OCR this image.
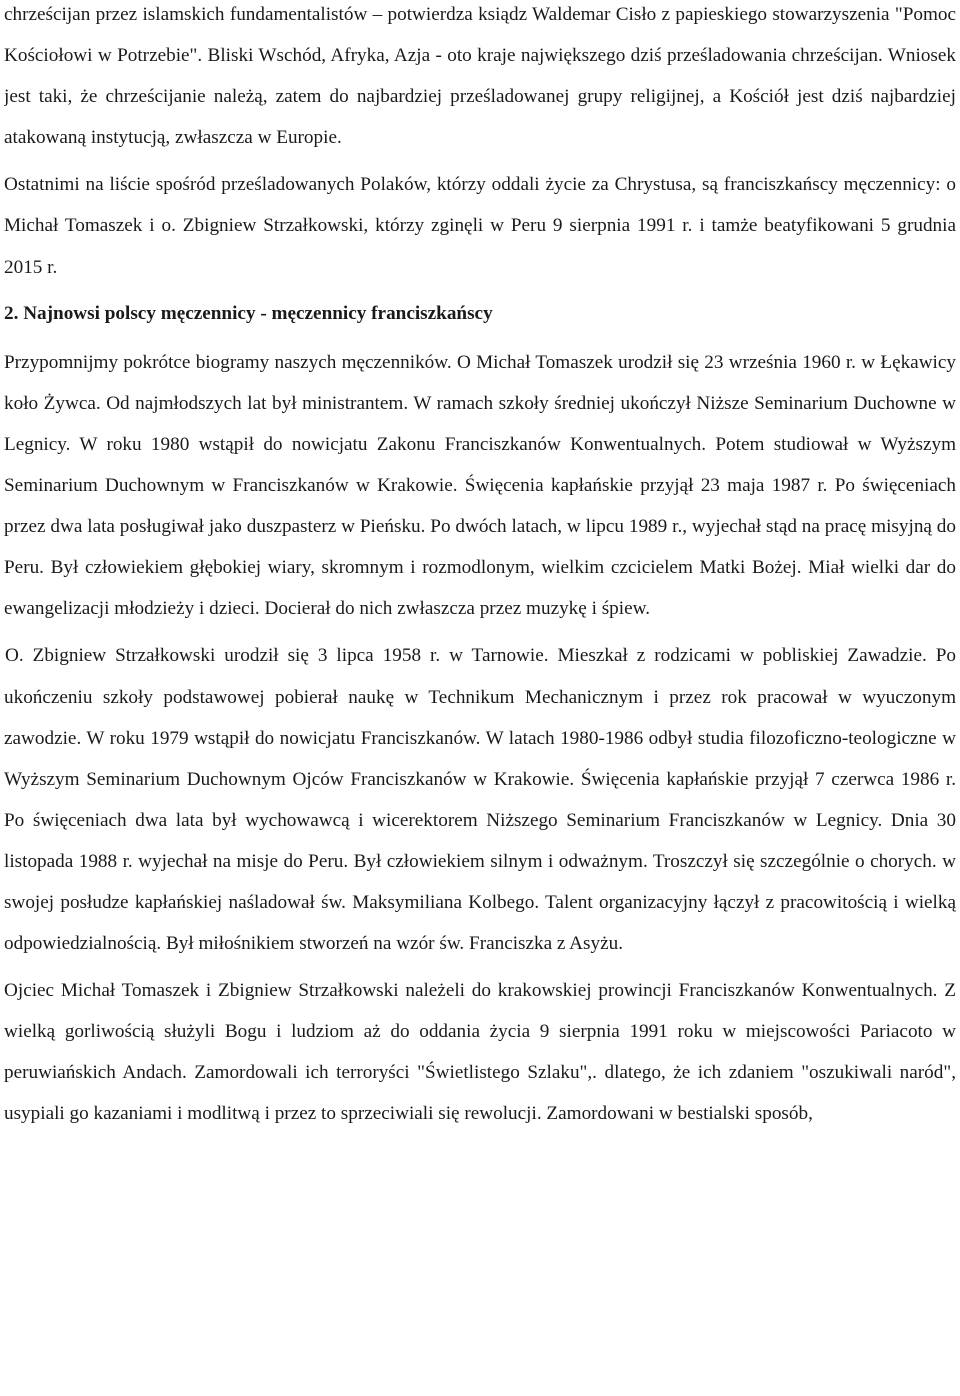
chrześcijan przez islamskich fundamentalistów – potwierdza ksiądz Waldemar Cisło z papieskiego stowarzyszenia "Pomoc Kościołowi w Potrzebie". Bliski Wschód, Afryka, Azja - oto kraje największego dziś prześladowania chrześcijan. Wniosek jest taki, że chrześcijanie należą, zatem do najbardziej prześladowanej grupy religijnej, a Kościół jest dziś najbardziej atakowaną instytucją, zwłaszcza w Europie.

Ostatnimi na liście spośród prześladowanych Polaków, którzy oddali życie za Chrystusa, są franciszkańscy męczennicy: o Michał Tomaszek i o. Zbigniew Strzałkowski, którzy zginęli w Peru 9 sierpnia 1991 r. i tamże beatyfikowani 5 grudnia 2015 r.

2. Najnowsi polscy męczennicy - męczennicy franciszkańscy

Przypomnijmy pokrótce biogramy naszych męczenników. O Michał Tomaszek urodził się 23 września 1960 r. w Łękawicy koło Żywca. Od najmłodszych lat był ministrantem. W ramach szkoły średniej ukończył Niższe Seminarium Duchowne w Legnicy. W roku 1980 wstąpił do nowicjatu Zakonu Franciszkanów Konwentualnych. Potem studiował w Wyższym Seminarium Duchownym w Franciszkanów w Krakowie. Święcenia kapłańskie przyjął 23 maja 1987 r. Po święceniach przez dwa lata posługiwał jako duszpasterz w Pieńsku. Po dwóch latach, w lipcu 1989 r., wyjechał stąd na pracę misyjną do Peru. Był człowiekiem głębokiej wiary, skromnym i rozmodlonym, wielkim czcicielem Matki Bożej. Miał wielki dar do ewangelizacji młodzieży i dzieci. Docierał do nich zwłaszcza przez muzykę i śpiew.

O. Zbigniew Strzałkowski urodził się 3 lipca 1958 r. w Tarnowie. Mieszkał z rodzicami w pobliskiej Zawadzie. Po ukończeniu szkoły podstawowej pobierał naukę w Technikum Mechanicznym i przez rok pracował w wyuczonym zawodzie. W roku 1979 wstąpił do nowicjatu Franciszkanów. W latach 1980-1986 odbył studia filozoficzno-teologiczne w Wyższym Seminarium Duchownym Ojców Franciszkanów w Krakowie. Święcenia kapłańskie przyjął 7 czerwca 1986 r. Po święceniach dwa lata był wychowawcą i wicerektorem Niższego Seminarium Franciszkanów w Legnicy. Dnia 30 listopada 1988 r. wyjechał na misje do Peru. Był człowiekiem silnym i odważnym. Troszczył się szczególnie o chorych. w swojej posłudze kapłańskiej naśladował św. Maksymiliana Kolbego. Talent organizacyjny łączył z pracowitością i wielką odpowiedzialnością. Był miłośnikiem stworzeń na wzór św. Franciszka z Asyżu.

Ojciec Michał Tomaszek i Zbigniew Strzałkowski należeli do krakowskiej prowincji Franciszkanów Konwentualnych. Z wielką gorliwością służyli Bogu i ludziom aż do oddania życia 9 sierpnia 1991 roku w miejscowości Pariacoto w peruwiańskich Andach. Zamordowali ich terroryści "Świetlistego Szlaku",. dlatego, że ich zdaniem "oszukiwali naród", usypiali go kazaniami i modlitwą i przez to sprzeciwiali się rewolucji. Zamordowani w bestialski sposób,
